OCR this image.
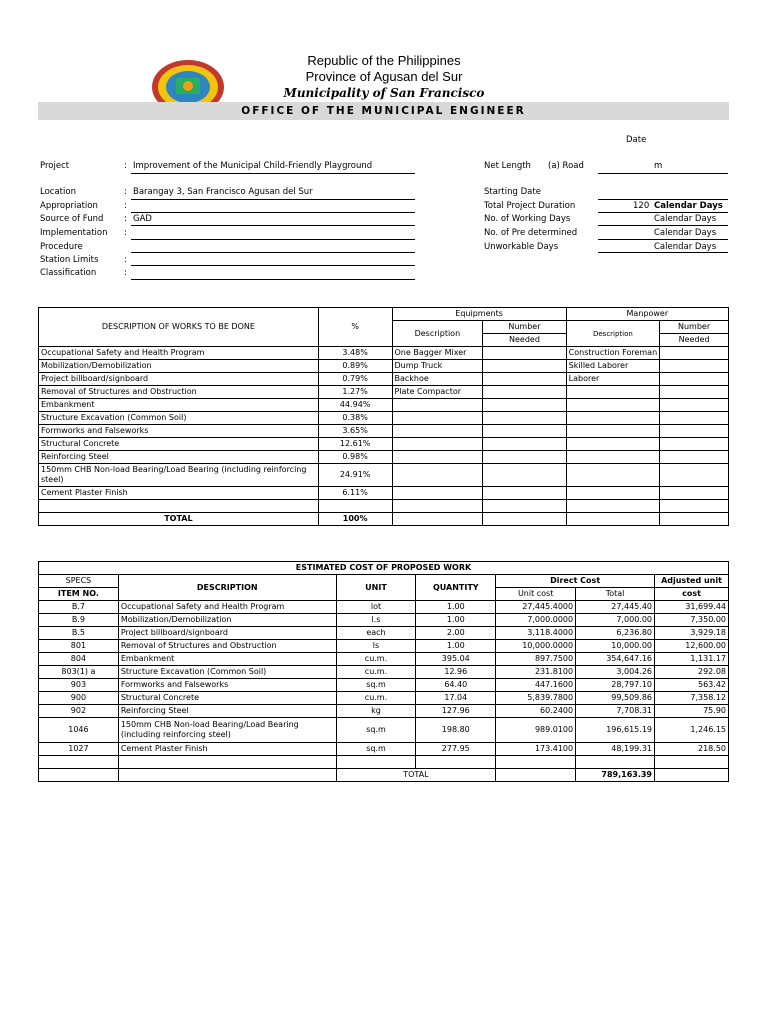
Republic of the Philippines
Province of Agusan del Sur
Municipality of San Francisco
OFFICE OF THE MUNICIPAL ENGINEER
Date
Project	: Improvement of the Municipal Child-Friendly Playground
Location	: Barangay 3, San Francisco Agusan del Sur
Appropriation	:
Source of Fund : GAD
Implementation :
Procedure
Station Limits	:
Classification	:
Net Length (a) Road	m
Starting Date
Total Project Duration	120 Calendar Days
No. of Working Days	Calendar Days
No. of Pre determined	Calendar Days
Unworkable Days	Calendar Days
DESCRIPTION OF WORKS TO BE DONE	%	Equipments		Manpower	
		Description	Number	Description	Number
			Needed		Needed
Occupational Safety and Health Program	3.48%	One Bagger Mixer		Construction Foreman	
Mobilization/Demobilization	0.89%	Dump Truck		Skilled Laborer	
Project billboard/signboard	0.79%	Backhoe		Laborer	
Removal of Structures and Obstruction	1.27%	Plate Compactor			
Embankment	44.94%				
Structure Excavation (Common Soil)	0.38%				
Formworks and Falseworks	3.65%				
Structural Concrete	12.61%				
Reinforcing Steel	0.98%				
150mm CHB Non-load Bearing/Load Bearing (including reinforcing steel)	24.91%				
Cement Plaster Finish	6.11%				

TOTAL	100%				
ESTIMATED COST OF PROPOSED WORK						
SPECS	DESCRIPTION	UNIT	QUANTITY	Direct Cost		Adjusted unit
ITEM NO.				Unit cost	Total	cost
B.7	Occupational Safety and Health Program	lot	1.00	27,445.4000	27,445.40	31,699.44
B.9	Mobilization/Demobilization	l.s	1.00	7,000.0000	7,000.00	7,350.00
B.5	Project billboard/signboard	each	2.00	3,118.4000	6,236.80	3,929.18
801	Removal of Structures and Obstruction	ls	1.00	10,000.0000	10,000.00	12,600.00
804	Embankment	cu.m.	395.04	897.7500	354,647.16	1,131.17
803(1) a	Structure Excavation (Common Soil)	cu.m.	12.96	231.8100	3,004.26	292.08
903	Formworks and Falseworks	sq.m	64.40	447.1600	28,797.10	563.42
900	Structural Concrete	cu.m.	17.04	5,839.7800	99,509.86	7,358.12
902	Reinforcing Steel	kg	127.96	60.2400	7,708.31	75.90
1046	150mm CHB Non-load Bearing/Load Bearing (including reinforcing steel)	sq.m	198.80	989.0100	196,615.19	1,246.15
1027	Cement Plaster Finish	sq.m	277.95	173.4100	48,199.31	218.50

		TOTAL			789,163.39	
